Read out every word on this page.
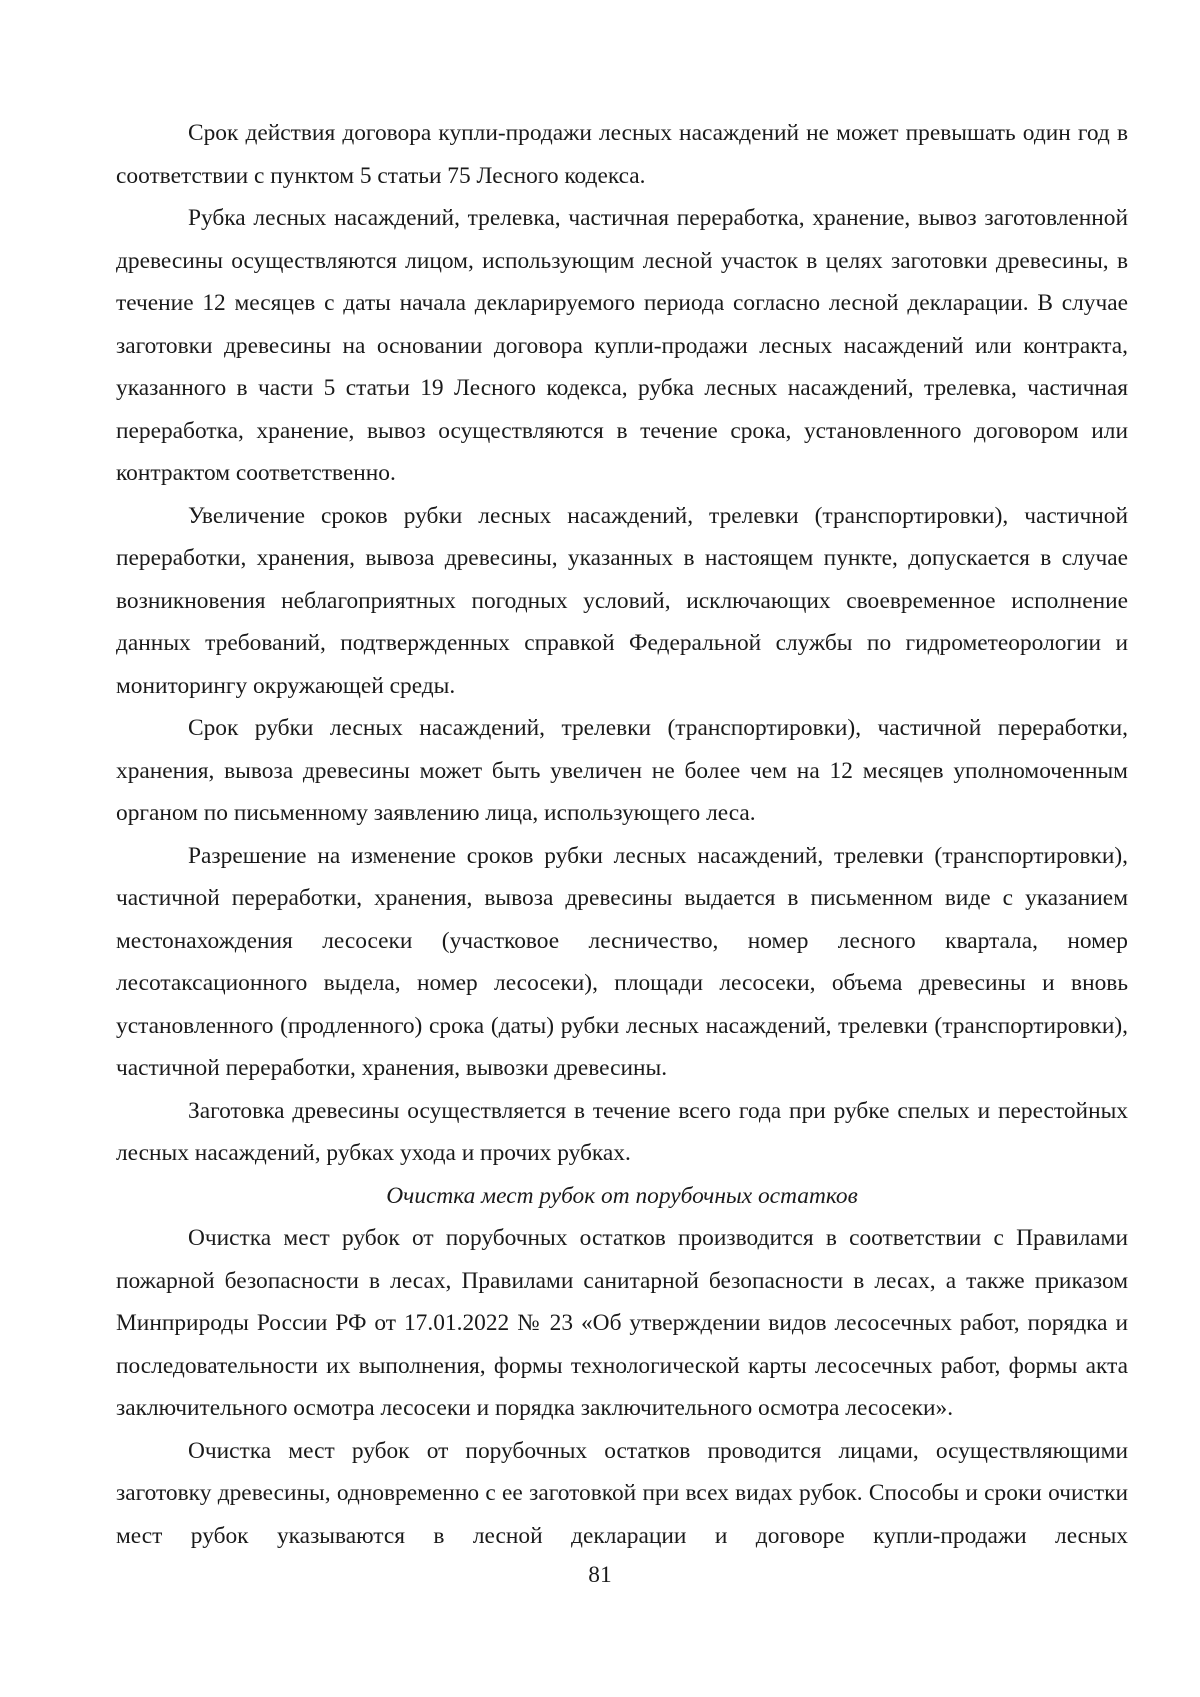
Срок действия договора купли-продажи лесных насаждений не может превышать один год в соответствии с пунктом 5 статьи 75 Лесного кодекса.

Рубка лесных насаждений, трелевка, частичная переработка, хранение, вывоз заготовленной древесины осуществляются лицом, использующим лесной участок в целях заготовки древесины, в течение 12 месяцев с даты начала декларируемого периода согласно лесной декларации. В случае заготовки древесины на основании договора купли-продажи лесных насаждений или контракта, указанного в части 5 статьи 19 Лесного кодекса, рубка лесных насаждений, трелевка, частичная переработка, хранение, вывоз осуществляются в течение срока, установленного договором или контрактом соответственно.

Увеличение сроков рубки лесных насаждений, трелевки (транспортировки), частичной переработки, хранения, вывоза древесины, указанных в настоящем пункте, допускается в случае возникновения неблагоприятных погодных условий, исключающих своевременное исполнение данных требований, подтвержденных справкой Федеральной службы по гидрометеорологии и мониторингу окружающей среды.

Срок рубки лесных насаждений, трелевки (транспортировки), частичной переработки, хранения, вывоза древесины может быть увеличен не более чем на 12 месяцев уполномоченным органом по письменному заявлению лица, использующего леса.

Разрешение на изменение сроков рубки лесных насаждений, трелевки (транспортировки), частичной переработки, хранения, вывоза древесины выдается в письменном виде с указанием местонахождения лесосеки (участковое лесничество, номер лесного квартала, номер лесотаксационного выдела, номер лесосеки), площади лесосеки, объема древесины и вновь установленного (продленного) срока (даты) рубки лесных насаждений, трелевки (транспортировки), частичной переработки, хранения, вывозки древесины.

Заготовка древесины осуществляется в течение всего года при рубке спелых и перестойных лесных насаждений, рубках ухода и прочих рубках.

Очистка мест рубок от порубочных остатков

Очистка мест рубок от порубочных остатков производится в соответствии с Правилами пожарной безопасности в лесах, Правилами санитарной безопасности в лесах, а также приказом Минприроды России РФ от 17.01.2022 № 23 «Об утверждении видов лесосечных работ, порядка и последовательности их выполнения, формы технологической карты лесосечных работ, формы акта заключительного осмотра лесосеки и порядка заключительного осмотра лесосеки».

Очистка мест рубок от порубочных остатков проводится лицами, осуществляющими заготовку древесины, одновременно с ее заготовкой при всех видах рубок. Способы и сроки очистки мест рубок указываются в лесной декларации и договоре купли-продажи лесных

81
